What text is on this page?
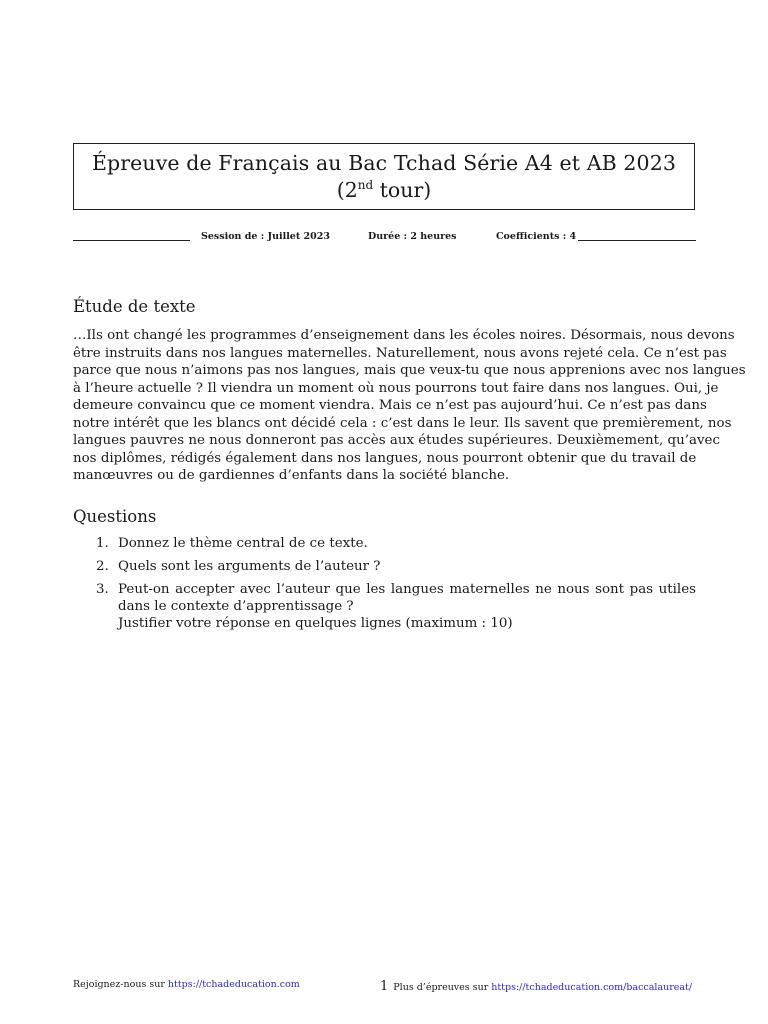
Épreuve de Français au Bac Tchad Série A4 et AB 2023
(2nd tour)
Session de : Juillet 2023	Durée : 2 heures	Coefficients : 4
Étude de texte
…Ils ont changé les programmes d’enseignement dans les écoles noires. Désormais, nous devons
être instruits dans nos langues maternelles. Naturellement, nous avons rejeté cela. Ce n’est pas
parce que nous n’aimons pas nos langues, mais que veux-tu que nous apprenions avec nos langues
à l’heure actuelle ? Il viendra un moment où nous pourrons tout faire dans nos langues. Oui, je
demeure convaincu que ce moment viendra. Mais ce n’est pas aujourd’hui. Ce n’est pas dans
notre intérêt que les blancs ont décidé cela : c’est dans le leur. Ils savent que premièrement, nos
langues pauvres ne nous donneront pas accès aux études supérieures. Deuxièmement, qu’avec
nos diplômes, rédigés également dans nos langues, nous pourront obtenir que du travail de
manœuvres ou de gardiennes d’enfants dans la société blanche.
Questions
1. Donnez le thème central de ce texte.
2. Quels sont les arguments de l’auteur ?
3. Peut-on accepter avec l’auteur que les langues maternelles ne nous sont pas utiles dans le contexte d’apprentissage ?
Justifier votre réponse en quelques lignes (maximum : 10)
Rejoignez-nous sur https://tchadeducation.com	1 Plus d’épreuves sur https://tchadeducation.com/baccalaureat/
